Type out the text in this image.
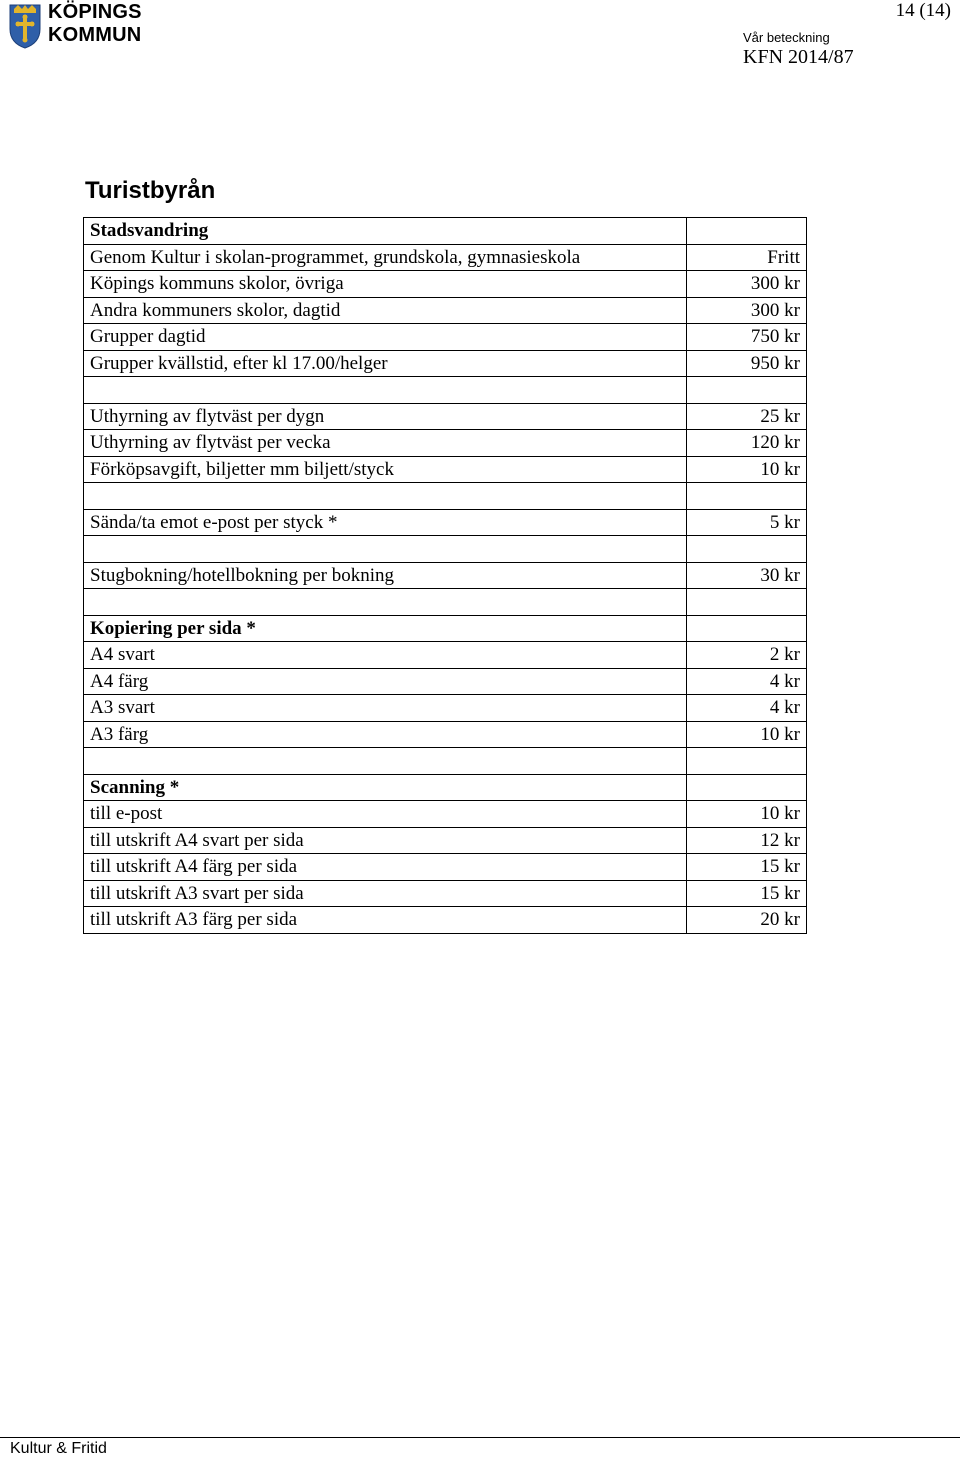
KÖPINGS KOMMUN
14 (14)
Vår beteckning
KFN 2014/87
Turistbyrån
Stadsvandring	
Genom Kultur i skolan-programmet, grundskola, gymnasieskola	Fritt
Köpings kommuns skolor, övriga	300 kr
Andra kommuners skolor, dagtid	300 kr
Grupper dagtid	750 kr
Grupper kvällstid, efter kl 17.00/helger	950 kr

Uthyrning av flytväst per dygn	25 kr
Uthyrning av flytväst per vecka	120 kr
Förköpsavgift, biljetter mm biljett/styck	10 kr

Sända/ta emot e-post per styck *	5 kr

Stugbokning/hotellbokning per bokning	30 kr

Kopiering per sida *	
A4 svart	2 kr
A4 färg	4 kr
A3 svart	4 kr
A3 färg	10 kr

Scanning *	
till e-post	10 kr
till utskrift A4 svart per sida	12 kr
till utskrift A4 färg per sida	15 kr
till utskrift A3 svart per sida	15 kr
till utskrift A3 färg per sida	20 kr
Kultur & Fritid
